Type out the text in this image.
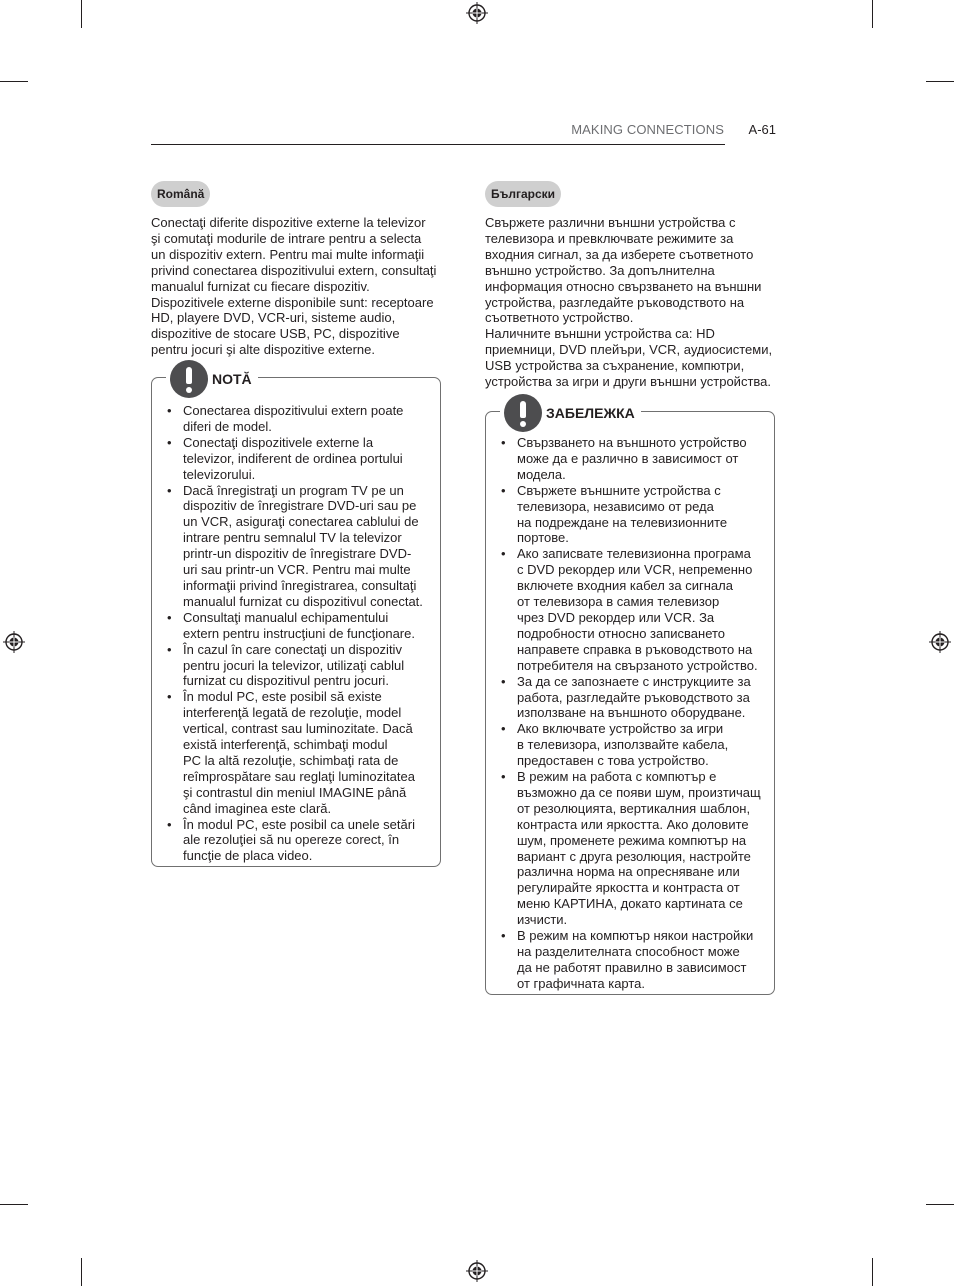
MAKING CONNECTIONS A-61
Română
Conectaţi diferite dispozitive externe la televizor
şi comutaţi modurile de intrare pentru a selecta
un dispozitiv extern. Pentru mai multe informaţii
privind conectarea dispozitivului extern, consultaţi
manualul furnizat cu fiecare dispozitiv.
Dispozitivele externe disponibile sunt: receptoare
HD, playere DVD, VCR-uri, sisteme audio,
dispozitive de stocare USB, PC, dispozitive
pentru jocuri şi alte dispozitive externe.
NOTĂ
• Conectarea dispozitivului extern poate
diferi de model.
• Conectaţi dispozitivele externe la
televizor, indiferent de ordinea portului
televizorului.
• Dacă înregistraţi un program TV pe un
dispozitiv de înregistrare DVD-uri sau pe
un VCR, asiguraţi conectarea cablului de
intrare pentru semnalul TV la televizor
printr-un dispozitiv de înregistrare DVD-
uri sau printr-un VCR. Pentru mai multe
informaţii privind înregistrarea, consultaţi
manualul furnizat cu dispozitivul conectat.
• Consultaţi manualul echipamentului
extern pentru instrucţiuni de funcţionare.
• În cazul în care conectaţi un dispozitiv
pentru jocuri la televizor, utilizaţi cablul
furnizat cu dispozitivul pentru jocuri.
• În modul PC, este posibil să existe
interferenţă legată de rezoluţie, model
vertical, contrast sau luminozitate. Dacă
există interferenţă, schimbaţi modul
PC la altă rezoluţie, schimbaţi rata de
reîmprospătare sau reglaţi luminozitatea
şi contrastul din meniul IMAGINE până
când imaginea este clară.
• În modul PC, este posibil ca unele setări
ale rezoluţiei să nu opereze corect, în
funcţie de placa video.
Български
Свържете различни външни устройства с
телевизора и превключвате режимите за
входния сигнал, за да изберете съответното
външно устройство. За допълнителна
информация относно свързването на външни
устройства, разгледайте ръководството на
съответното устройство.
Наличните външни устройства са: HD
приемници, DVD плейъри, VCR, аудиосистеми,
USB устройства за съхранение, компютри,
устройства за игри и други външни устройства.
ЗАБЕЛЕЖКА
• Свързването на външното устройство
може да е различно в зависимост от
модела.
• Свържете външните устройства с
телевизора, независимо от реда
на подреждане на телевизионните
портове.
• Ако записвате телевизионна програма
с DVD рекордер или VCR, непременно
включете входния кабел за сигнала
от телевизора в самия телевизор
чрез DVD рекордер или VCR. За
подробности относно записването
направете справка в ръководството на
потребителя на свързаното устройство.
• За да се запознаете с инструкциите за
работа, разгледайте ръководството за
използване на външното оборудване.
• Ако включвате устройство за игри
в телевизора, използвайте кабела,
предоставен с това устройство.
• В режим на работа с компютър е
възможно да се появи шум, произтичащ
от резолюцията, вертикалния шаблон,
контраста или яркостта. Ако доловите
шум, променете режима компютър на
вариант с друга резолюция, настройте
различна норма на опресняване или
регулирайте яркостта и контраста от
меню КАРТИНА, докато картината се
изчисти.
• В режим на компютър някои настройки
на разделителната способност може
да не работят правилно в зависимост
от графичната карта.
